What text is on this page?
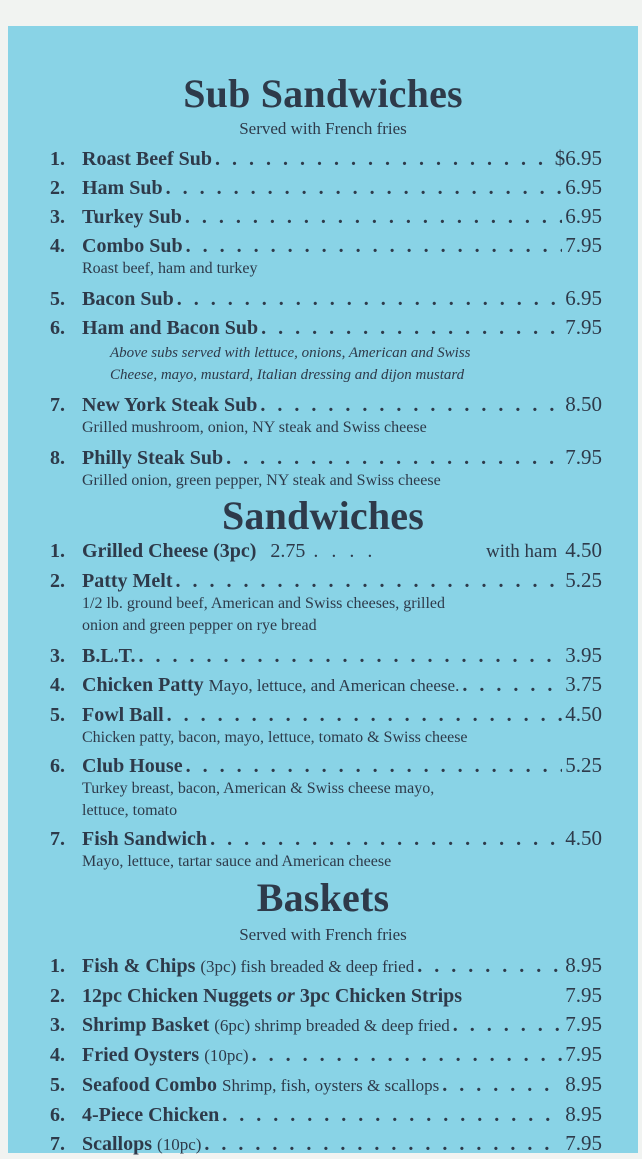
Sub Sandwiches

Served with French fries

1. Roast Beef Sub . . .	$6.95
2. Ham Sub . . .	6.95
3. Turkey Sub . . .	6.95
4. Combo Sub . . .	7.95
Roast beef, ham and turkey
5. Bacon Sub . . .	6.95
6. Ham and Bacon Sub . . .	7.95
Above subs served with lettuce, onions, American and Swiss
Cheese, mayo, mustard, Italian dressing and dijon mustard
7. New York Steak Sub . . .	8.50
Grilled mushroom, onion, NY steak and Swiss cheese
8. Philly Steak Sub . . .	7.95
Grilled onion, green pepper, NY steak and Swiss cheese
Sandwiches
1. Grilled Cheese (3pc) 2.75 . . . .	with ham 4.50
2. Patty Melt . . .	5.25
1/2 lb. ground beef, American and Swiss cheeses, grilled
onion and green pepper on rye bread
3. B.L.T. . . .	3.95
4. Chicken Patty Mayo, lettuce, and American cheese. . . .	3.75
5. Fowl Ball . . .	4.50
Chicken patty, bacon, mayo, lettuce, tomato & Swiss cheese
6. Club House . . .	5.25
Turkey breast, bacon, American & Swiss cheese mayo,
lettuce, tomato
7. Fish Sandwich . . .	4.50
Mayo, lettuce, tartar sauce and American cheese
Baskets

Served with French fries

1. Fish & Chips (3pc) fish breaded & deep fried . . .	8.95
2. 12pc Chicken Nuggets or 3pc Chicken Strips	7.95
3. Shrimp Basket (6pc) shrimp breaded & deep fried . . .	7.95
4. Fried Oysters (10pc) . . .	7.95
5. Seafood Combo Shrimp, fish, oysters & scallops . . .	8.95
6. 4-Piece Chicken . . .	8.95
7. Scallops (10pc) . . .	7.95
